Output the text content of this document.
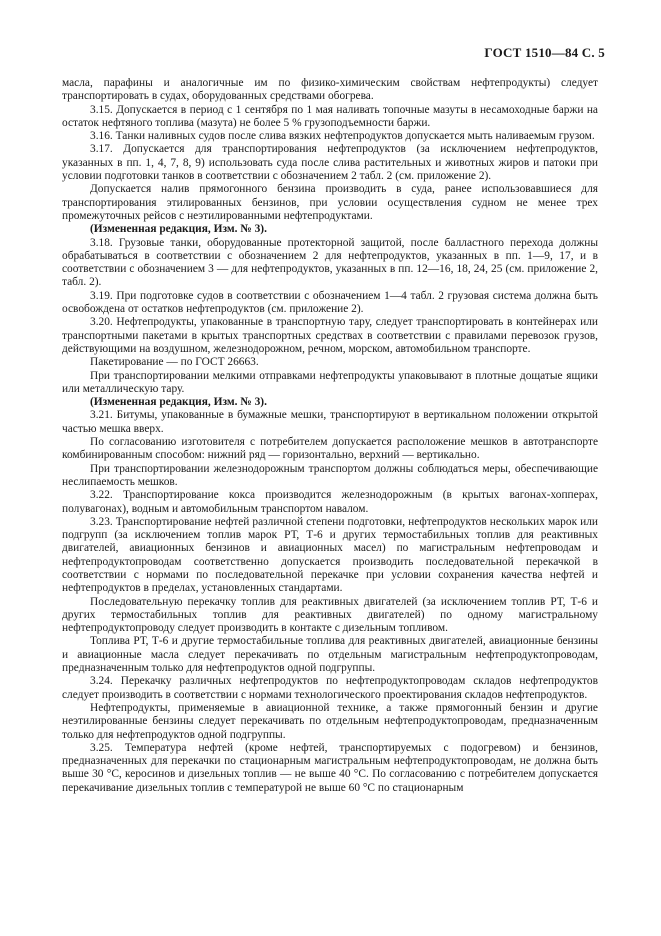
ГОСТ 1510—84 С. 5

масла, парафины и аналогичные им по физико-химическим свойствам нефтепродукты) следует транспортировать в судах, оборудованных средствами обогрева.

3.15. Допускается в период с 1 сентября по 1 мая наливать топочные мазуты в несамоходные баржи на остаток нефтяного топлива (мазута) не более 5 % грузоподъемности баржи.

3.16. Танки наливных судов после слива вязких нефтепродуктов допускается мыть наливаемым грузом.

3.17. Допускается для транспортирования нефтепродуктов (за исключением нефтепродуктов, указанных в пп. 1, 4, 7, 8, 9) использовать суда после слива растительных и животных жиров и патоки при условии подготовки танков в соответствии с обозначением 2 табл. 2 (см. приложение 2).

Допускается налив прямогонного бензина производить в суда, ранее использовавшиеся для транспортирования этилированных бензинов, при условии осуществления судном не менее трех промежуточных рейсов с неэтилированными нефтепродуктами.

(Измененная редакция, Изм. № 3).

3.18. Грузовые танки, оборудованные протекторной защитой, после балластного перехода должны обрабатываться в соответствии с обозначением 2 для нефтепродуктов, указанных в пп. 1—9, 17, и в соответствии с обозначением 3 — для нефтепродуктов, указанных в пп. 12—16, 18, 24, 25 (см. приложение 2, табл. 2).

3.19. При подготовке судов в соответствии с обозначением 1—4 табл. 2 грузовая система должна быть освобождена от остатков нефтепродуктов (см. приложение 2).

3.20. Нефтепродукты, упакованные в транспортную тару, следует транспортировать в контейнерах или транспортными пакетами в крытых транспортных средствах в соответствии с правилами перевозок грузов, действующими на воздушном, железнодорожном, речном, морском, автомобильном транспорте.

Пакетирование — по ГОСТ 26663.

При транспортировании мелкими отправками нефтепродукты упаковывают в плотные дощатые ящики или металлическую тару.

(Измененная редакция, Изм. № 3).

3.21. Битумы, упакованные в бумажные мешки, транспортируют в вертикальном положении открытой частью мешка вверх.

По согласованию изготовителя с потребителем допускается расположение мешков в автотранспорте комбинированным способом: нижний ряд — горизонтально, верхний — вертикально.

При транспортировании железнодорожным транспортом должны соблюдаться меры, обеспечивающие неслипаемость мешков.

3.22. Транспортирование кокса производится железнодорожным (в крытых вагонах-хопперах, полувагонах), водным и автомобильным транспортом навалом.

3.23. Транспортирование нефтей различной степени подготовки, нефтепродуктов нескольких марок или подгрупп (за исключением топлив марок РТ, Т-6 и других термостабильных топлив для реактивных двигателей, авиационных бензинов и авиационных масел) по магистральным нефтепроводам и нефтепродуктопроводам соответственно допускается производить последовательной перекачкой в соответствии с нормами по последовательной перекачке при условии сохранения качества нефтей и нефтепродуктов в пределах, установленных стандартами.

Последовательную перекачку топлив для реактивных двигателей (за исключением топлив РТ, Т-6 и других термостабильных топлив для реактивных двигателей) по одному магистральному нефтепродуктопроводу следует производить в контакте с дизельным топливом.

Топлива РТ, Т-6 и другие термостабильные топлива для реактивных двигателей, авиационные бензины и авиационные масла следует перекачивать по отдельным магистральным нефтепродуктопроводам, предназначенным только для нефтепродуктов одной подгруппы.

3.24. Перекачку различных нефтепродуктов по нефтепродуктопроводам складов нефтепродуктов следует производить в соответствии с нормами технологического проектирования складов нефтепродуктов.

Нефтепродукты, применяемые в авиационной технике, а также прямогонный бензин и другие неэтилированные бензины следует перекачивать по отдельным нефтепродуктопроводам, предназначенным только для нефтепродуктов одной подгруппы.

3.25. Температура нефтей (кроме нефтей, транспортируемых с подогревом) и бензинов, предназначенных для перекачки по стационарным магистральным нефтепродуктопроводам, не должна быть выше 30 °С, керосинов и дизельных топлив — не выше 40 °С. По согласованию с потребителем допускается перекачивание дизельных топлив с температурой не выше 60 °С по стационарным
